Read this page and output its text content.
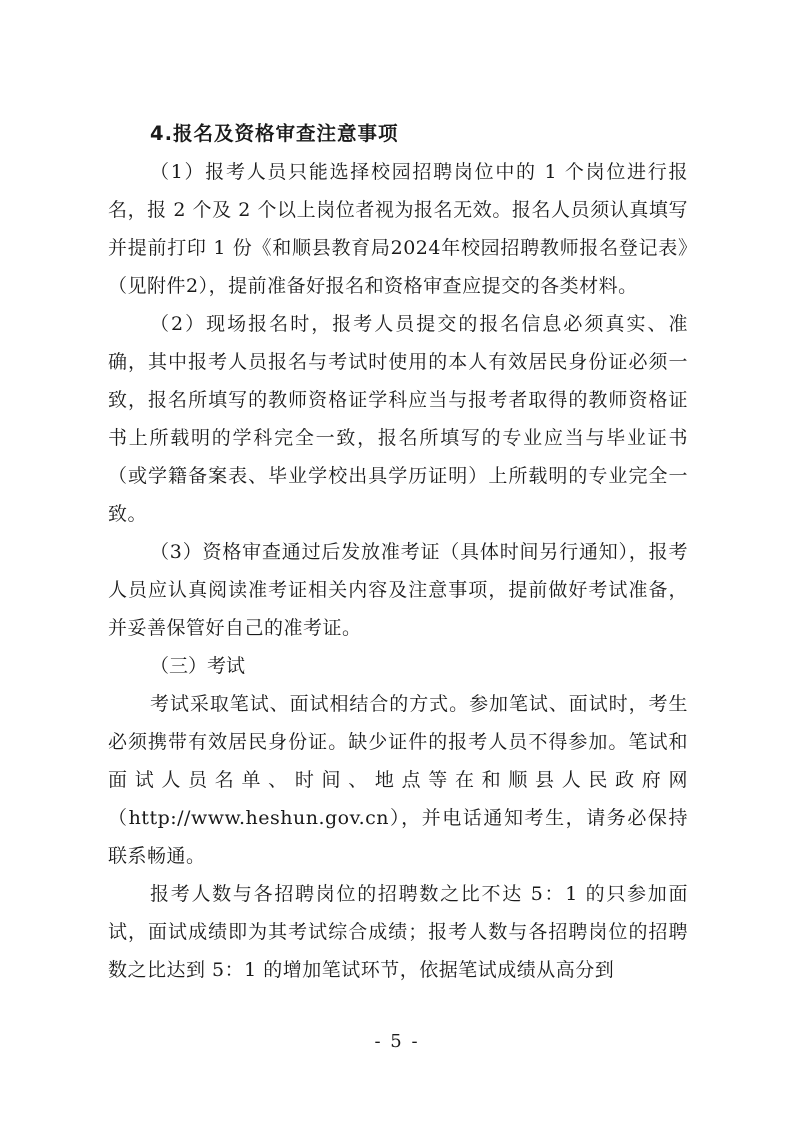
4.报名及资格审查注意事项

（1）报考人员只能选择校园招聘岗位中的 1 个岗位进行报名，报 2 个及 2 个以上岗位者视为报名无效。报名人员须认真填写并提前打印 1 份《和顺县教育局2024年校园招聘教师报名登记表》（见附件2），提前准备好报名和资格审查应提交的各类材料。

（2）现场报名时，报考人员提交的报名信息必须真实、准确，其中报考人员报名与考试时使用的本人有效居民身份证必须一致，报名所填写的教师资格证学科应当与报考者取得的教师资格证书上所载明的学科完全一致，报名所填写的专业应当与毕业证书（或学籍备案表、毕业学校出具学历证明）上所载明的专业完全一致。

（3）资格审查通过后发放准考证（具体时间另行通知），报考人员应认真阅读准考证相关内容及注意事项，提前做好考试准备，并妥善保管好自己的准考证。

（三）考试

考试采取笔试、面试相结合的方式。参加笔试、面试时，考生必须携带有效居民身份证。缺少证件的报考人员不得参加。笔试和面试人员名单、时间、地点等在和顺县人民政府网（http://www.heshun.gov.cn），并电话通知考生，请务必保持联系畅通。

报考人数与各招聘岗位的招聘数之比不达 5：1 的只参加面试，面试成绩即为其考试综合成绩；报考人数与各招聘岗位的招聘数之比达到 5：1 的增加笔试环节，依据笔试成绩从高分到

- 5 -
